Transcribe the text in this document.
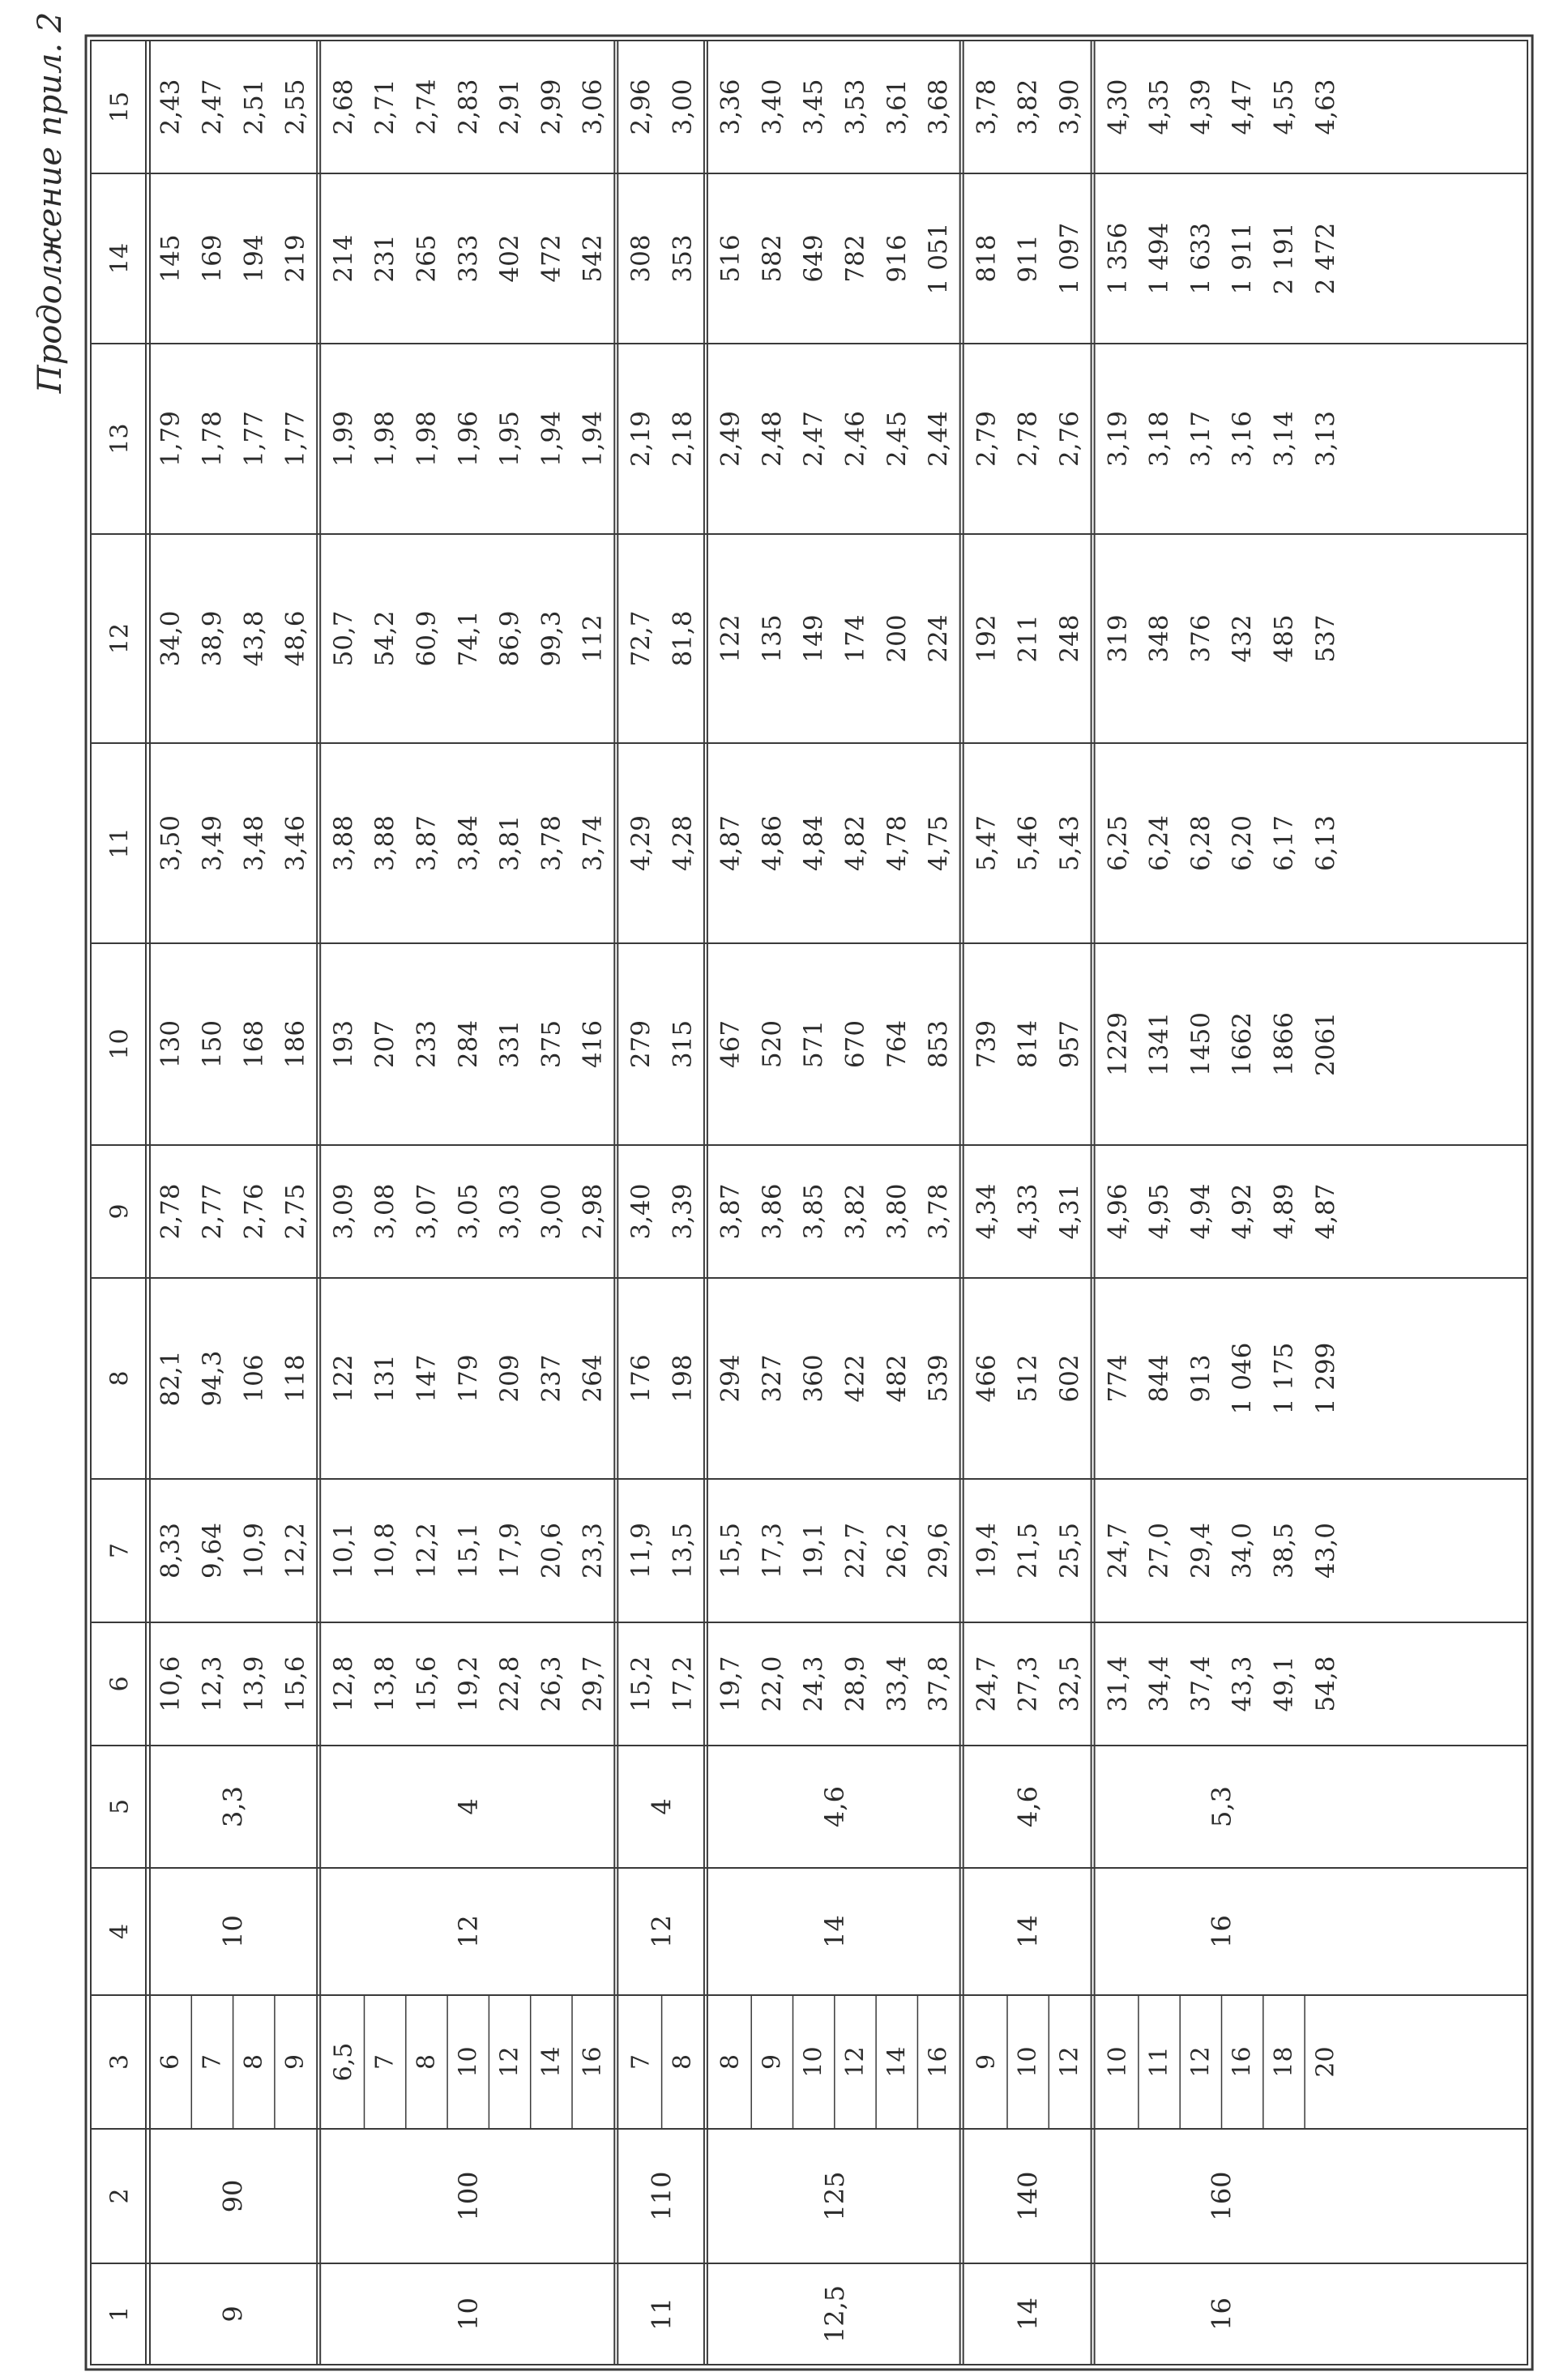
Продолжение прил. 2
1
2
3
4
5
6
7
8
9
10
11
12
13
14
15
6
10,6
8,33
82,1
2,78
130
3,50
34,0
1,79
145
2,43
7
12,3
9,64
94,3
2,77
150
3,49
38,9
1,78
169
2,47
8
13,9
10,9
106
2,76
168
3,48
43,8
1,77
194
2,51
9
15,6
12,2
118
2,75
186
3,46
48,6
1,77
219
2,55
9
90
10
3,3
6,5
12,8
10,1
122
3,09
193
3,88
50,7
1,99
214
2,68
7
13,8
10,8
131
3,08
207
3,88
54,2
1,98
231
2,71
8
15,6
12,2
147
3,07
233
3,87
60,9
1,98
265
2,74
10
19,2
15,1
179
3,05
284
3,84
74,1
1,96
333
2,83
12
22,8
17,9
209
3,03
331
3,81
86,9
1,95
402
2,91
14
26,3
20,6
237
3,00
375
3,78
99,3
1,94
472
2,99
16
29,7
23,3
264
2,98
416
3,74
112
1,94
542
3,06
10
100
12
4
7
15,2
11,9
176
3,40
279
4,29
72,7
2,19
308
2,96
8
17,2
13,5
198
3,39
315
4,28
81,8
2,18
353
3,00
11
110
12
4
8
19,7
15,5
294
3,87
467
4,87
122
2,49
516
3,36
9
22,0
17,3
327
3,86
520
4,86
135
2,48
582
3,40
10
24,3
19,1
360
3,85
571
4,84
149
2,47
649
3,45
12
28,9
22,7
422
3,82
670
4,82
174
2,46
782
3,53
14
33,4
26,2
482
3,80
764
4,78
200
2,45
916
3,61
16
37,8
29,6
539
3,78
853
4,75
224
2,44
1 051
3,68
12,5
125
14
4,6
9
24,7
19,4
466
4,34
739
5,47
192
2,79
818
3,78
10
27,3
21,5
512
4,33
814
5,46
211
2,78
911
3,82
12
32,5
25,5
602
4,31
957
5,43
248
2,76
1 097
3,90
14
140
14
4,6
10
31,4
24,7
774
4,96
1229
6,25
319
3,19
1 356
4,30
11
34,4
27,0
844
4,95
1341
6,24
348
3,18
1 494
4,35
12
37,4
29,4
913
4,94
1450
6,28
376
3,17
1 633
4,39
16
43,3
34,0
1 046
4,92
1662
6,20
432
3,16
1 911
4,47
18
49,1
38,5
1 175
4,89
1866
6,17
485
3,14
2 191
4,55
20
54,8
43,0
1 299
4,87
2061
6,13
537
3,13
2 472
4,63
16
160
16
5,3
